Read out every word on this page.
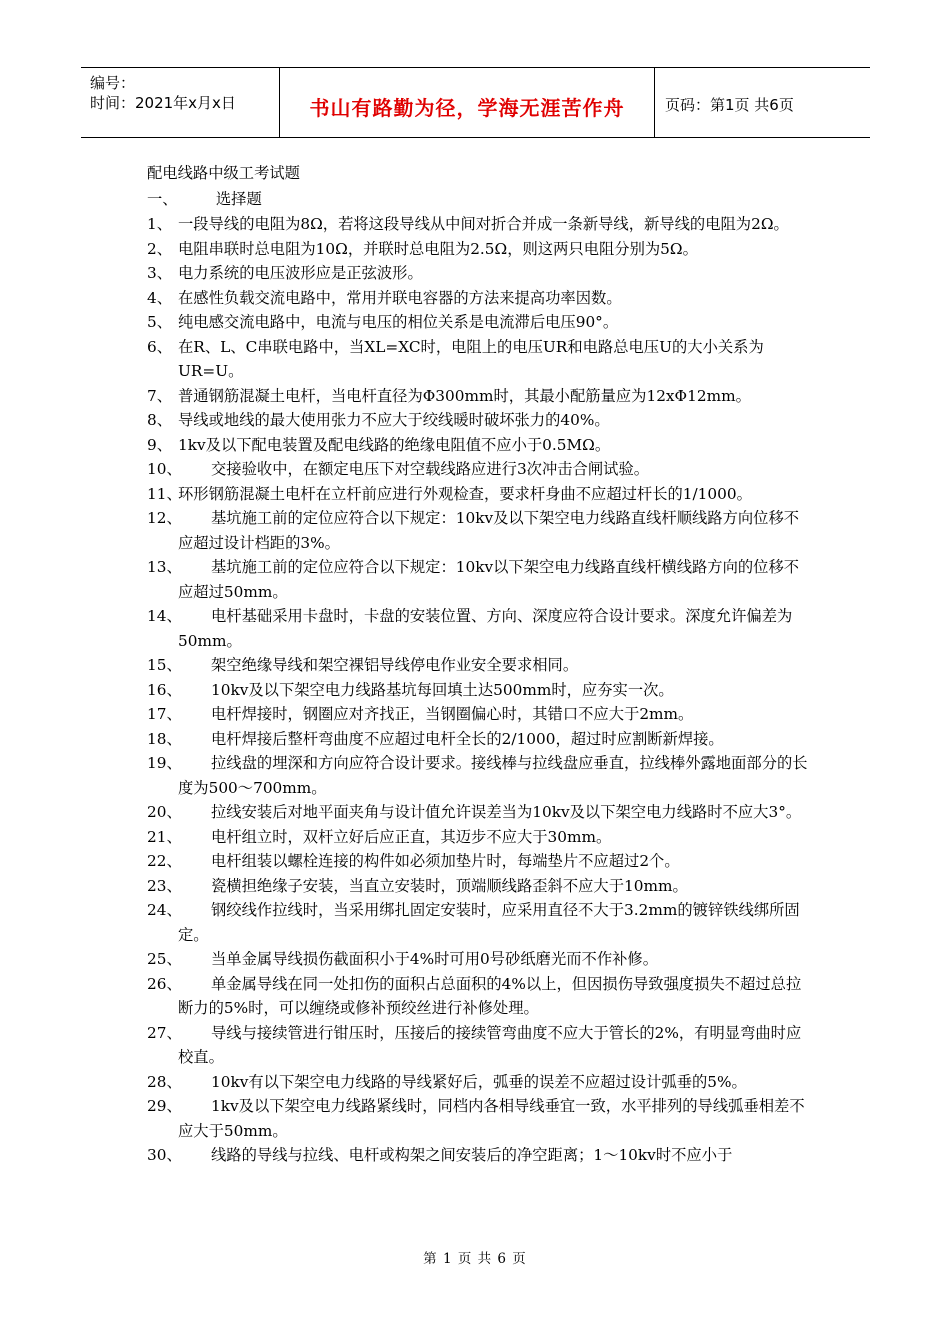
编号：
时间：2021年x月x日	书山有路勤为径，学海无涯苦作舟	页码：第1页 共6页
配电线路中级工考试题
一、	选择题
1、 一段导线的电阻为8Ω，若将这段导线从中间对折合并成一条新导线，新导线的电阻为2Ω。
2、 电阻串联时总电阻为10Ω，并联时总电阻为2.5Ω，则这两只电阻分别为5Ω。
3、 电力系统的电压波形应是正弦波形。
4、 在感性负载交流电路中，常用并联电容器的方法来提高功率因数。
5、 纯电感交流电路中，电流与电压的相位关系是电流滞后电压90°。
6、 在R、L、C串联电路中，当XL=XC时，电阻上的电压UR和电路总电压U的大小关系为UR=U。
7、 普通钢筋混凝土电杆，当电杆直径为Φ300mm时，其最小配筋量应为12xΦ12mm。
8、 导线或地线的最大使用张力不应大于绞线暖时破坏张力的40%。
9、 1kv及以下配电装置及配电线路的绝缘电阻值不应小于0.5MΩ。
10、	交接验收中，在额定电压下对空载线路应进行3次冲击合闸试验。
11、
环形钢筋混凝土电杆在立杆前应进行外观检查，要求杆身曲不应超过杆长的1/1000。
12、	基坑施工前的定位应符合以下规定：10kv及以下架空电力线路直线杆顺线路方向位移不应超过设计档距的3%。
13、	基坑施工前的定位应符合以下规定：10kv以下架空电力线路直线杆横线路方向的位移不应超过50mm。
14、	电杆基础采用卡盘时，卡盘的安装位置、方向、深度应符合设计要求。深度允许偏差为50mm。
15、	架空绝缘导线和架空裸铝导线停电作业安全要求相同。
16、	10kv及以下架空电力线路基坑每回填土达500mm时，应夯实一次。
17、	电杆焊接时，钢圈应对齐找正，当钢圈偏心时，其错口不应大于2mm。
18、	电杆焊接后整杆弯曲度不应超过电杆全长的2/1000，超过时应割断新焊接。
19、	拉线盘的埋深和方向应符合设计要求。接线棒与拉线盘应垂直，拉线棒外露地面部分的长度为500～700mm。
20、	拉线安装后对地平面夹角与设计值允许误差当为10kv及以下架空电力线路时不应大3°。
21、	电杆组立时，双杆立好后应正直，其迈步不应大于30mm。
22、	电杆组装以螺栓连接的构件如必须加垫片时，每端垫片不应超过2个。
23、	瓷横担绝缘子安装，当直立安装时，顶端顺线路歪斜不应大于10mm。
24、	钢绞线作拉线时，当采用绑扎固定安装时，应采用直径不大于3.2mm的镀锌铁线绑所固定。
25、	当单金属导线损伤截面积小于4%时可用0号砂纸磨光而不作补修。
26、	单金属导线在同一处扣伤的面积占总面积的4%以上，但因损伤导致强度损失不超过总拉断力的5%时，可以缠绕或修补预绞丝进行补修处理。
27、	导线与接续管进行钳压时，压接后的接续管弯曲度不应大于管长的2%，有明显弯曲时应校直。
28、	10kv有以下架空电力线路的导线紧好后，弧垂的误差不应超过设计弧垂的5%。
29、	1kv及以下架空电力线路紧线时，同档内各相导线垂宜一致，水平排列的导线弧垂相差不应大于50mm。
30、	线路的导线与拉线、电杆或构架之间安装后的净空距离；1～10kv时不应小于
第 1 页 共 6 页
